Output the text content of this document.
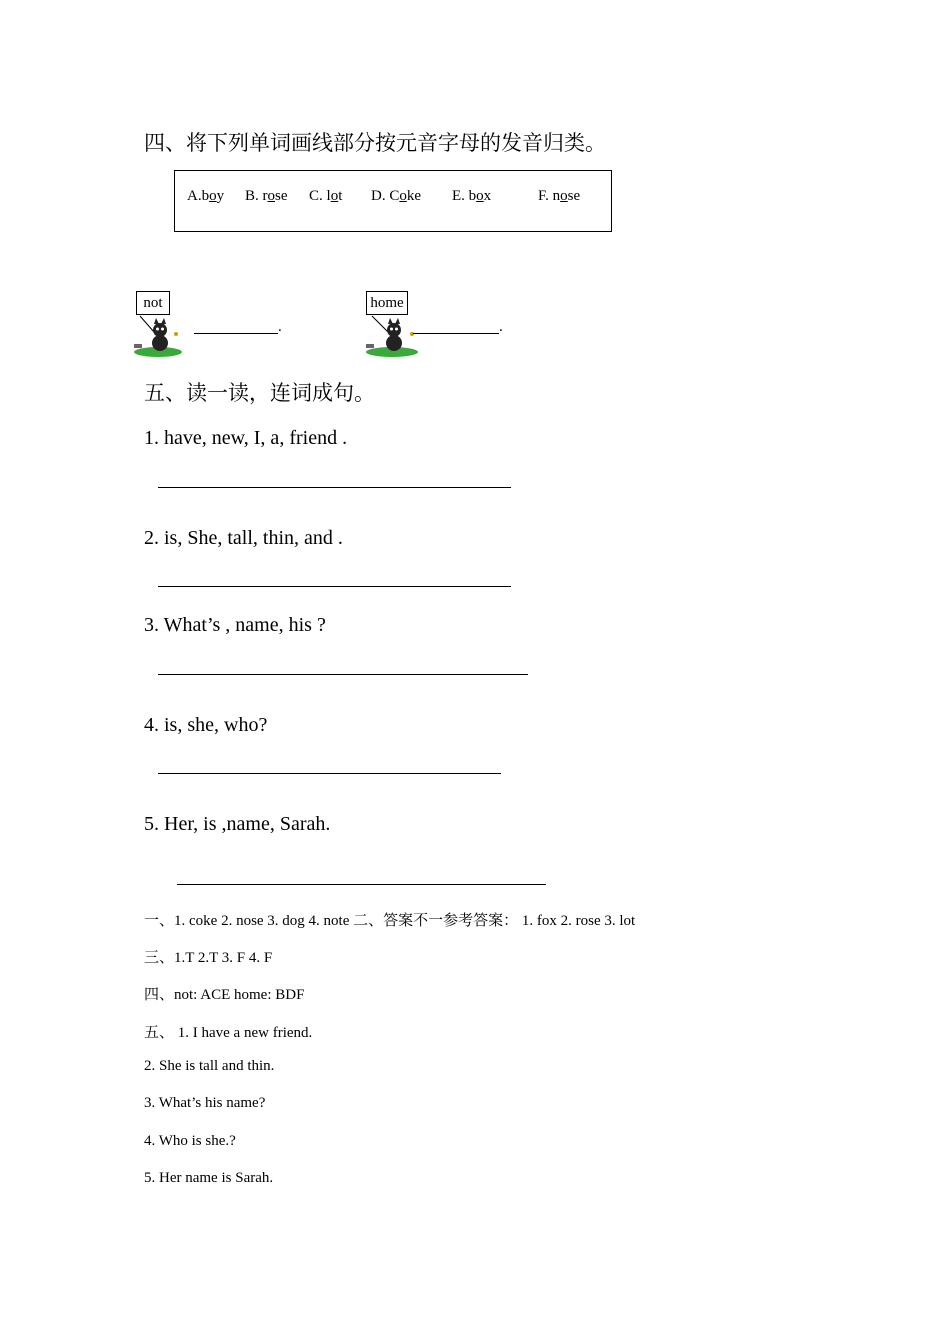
四、将下列单词画线部分按元音字母的发音归类。
A.boy B. rose C. lot D. Coke E. box	F. nose
not
.
home
.
五、读一读，连词成句。
1. have, new, I, a, friend .
2. is, She, tall, thin, and .
3. What’s , name, his ?
4. is, she, who?
5. Her, is ,name, Sarah.
一、1. coke 2. nose 3. dog 4. note 二、答案不一参考答案： 1. fox 2. rose 3. lot
三、1.T 2.T 3. F 4. F
四、not: ACE home: BDF
五、 1. I have a new friend.
2. She is tall and thin.
3. What’s his name?
4. Who is she.?
5. Her name is Sarah.
